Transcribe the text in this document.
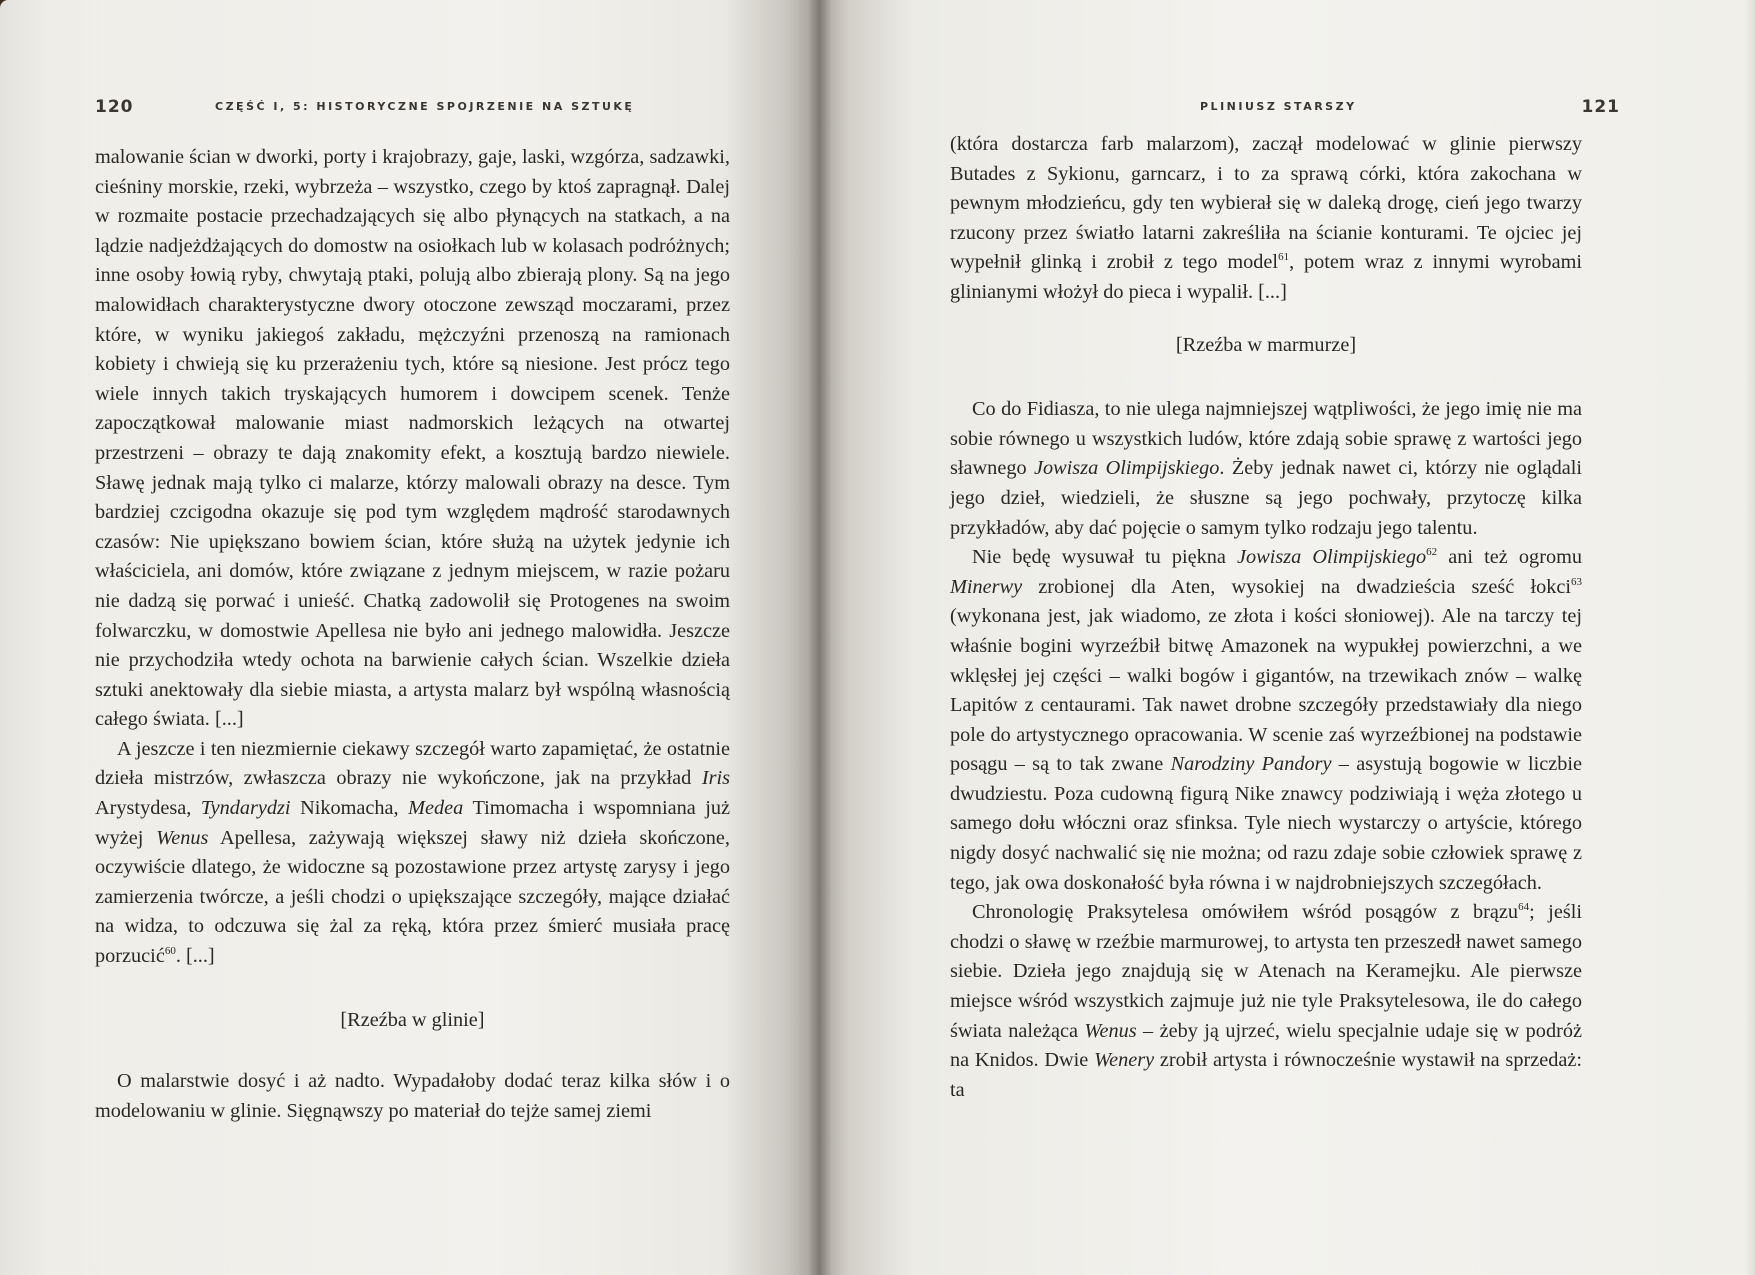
120	CZĘŚĆ I, 5: HISTORYCZNE SPOJRZENIE NA SZTUKĘ

malowanie ścian w dworki, porty i krajobrazy, gaje, laski, wzgórza, sadzawki, cieśniny morskie, rzeki, wybrzeża – wszystko, czego by ktoś zapragnął. Dalej w rozmaite postacie przechadzających się albo płynących na statkach, a na lądzie nadjeżdżających do domostw na osiołkach lub w kolasach podróżnych; inne osoby łowią ryby, chwytają ptaki, polują albo zbierają plony. Są na jego malowidłach charakterystyczne dwory otoczone zewsząd moczarami, przez które, w wyniku jakiegoś zakładu, mężczyźni przenoszą na ramionach kobiety i chwieją się ku przerażeniu tych, które są niesione. Jest prócz tego wiele innych takich tryskających humorem i dowcipem scenek. Tenże zapoczątkował malowanie miast nadmorskich leżących na otwartej przestrzeni – obrazy te dają znakomity efekt, a kosztują bardzo niewiele. Sławę jednak mają tylko ci malarze, którzy malowali obrazy na desce. Tym bardziej czcigodna okazuje się pod tym względem mądrość starodawnych czasów: Nie upiększano bowiem ścian, które służą na użytek jedynie ich właściciela, ani domów, które związane z jednym miejscem, w razie pożaru nie dadzą się porwać i unieść. Chatką zadowolił się Protogenes na swoim folwarczku, w domostwie Apellesa nie było ani jednego malowidła. Jeszcze nie przychodziła wtedy ochota na barwienie całych ścian. Wszelkie dzieła sztuki anektowały dla siebie miasta, a artysta malarz był wspólną własnością całego świata. [...]

A jeszcze i ten niezmiernie ciekawy szczegół warto zapamiętać, że ostatnie dzieła mistrzów, zwłaszcza obrazy nie wykończone, jak na przykład Iris Arystydesa, Tyndarydzi Nikomacha, Medea Timomacha i wspomniana już wyżej Wenus Apellesa, zażywają większej sławy niż dzieła skończone, oczywiście dlatego, że widoczne są pozostawione przez artystę zarysy i jego zamierzenia twórcze, a jeśli chodzi o upiększające szczegóły, mające działać na widza, to odczuwa się żal za ręką, która przez śmierć musiała pracę porzucić$^{60}$. [...]

[Rzeźba w glinie]

O malarstwie dosyć i aż nadto. Wypadałoby dodać teraz kilka słów i o modelowaniu w glinie. Sięgnąwszy po materiał do tejże samej ziemi

PLINIUSZ STARSZY	121

(która dostarcza farb malarzom), zaczął modelować w glinie pierwszy Butades z Sykionu, garncarz, i to za sprawą córki, która zakochana w pewnym młodzieńcu, gdy ten wybierał się w daleką drogę, cień jego twarzy rzucony przez światło latarni zakreśliła na ścianie konturami. Te ojciec jej wypełnił glinką i zrobił z tego model$^{61}$, potem wraz z innymi wyrobami glinianymi włożył do pieca i wypalił. [...]

[Rzeźba w marmurze]

Co do Fidiasza, to nie ulega najmniejszej wątpliwości, że jego imię nie ma sobie równego u wszystkich ludów, które zdają sobie sprawę z wartości jego sławnego Jowisza Olimpijskiego. Żeby jednak nawet ci, którzy nie oglądali jego dzieł, wiedzieli, że słuszne są jego pochwały, przytoczę kilka przykładów, aby dać pojęcie o samym tylko rodzaju jego talentu.

Nie będę wysuwał tu piękna Jowisza Olimpijskiego$^{62}$ ani też ogromu Minerwy zrobionej dla Aten, wysokiej na dwadzieścia sześć łokci$^{63}$ (wykonana jest, jak wiadomo, ze złota i kości słoniowej). Ale na tarczy tej właśnie bogini wyrzeźbił bitwę Amazonek na wypukłej powierzchni, a we wklęsłej jej części – walki bogów i gigantów, na trzewikach znów – walkę Lapitów z centaurami. Tak nawet drobne szczegóły przedstawiały dla niego pole do artystycznego opracowania. W scenie zaś wyrzeźbionej na podstawie posągu – są to tak zwane Narodziny Pandory – asystują bogowie w liczbie dwudziestu. Poza cudowną figurą Nike znawcy podziwiają i węża złotego u samego dołu włóczni oraz sfinksa. Tyle niech wystarczy o artyście, którego nigdy dosyć nachwalić się nie można; od razu zdaje sobie człowiek sprawę z tego, jak owa doskonałość była równa i w najdrobniejszych szczegółach.

Chronologię Praksytelesa omówiłem wśród posągów z brązu$^{64}$; jeśli chodzi o sławę w rzeźbie marmurowej, to artysta ten przeszedł nawet samego siebie. Dzieła jego znajdują się w Atenach na Keramejku. Ale pierwsze miejsce wśród wszystkich zajmuje już nie tyle Praksytelesowa, ile do całego świata należąca Wenus – żeby ją ujrzeć, wielu specjalnie udaje się w podróż na Knidos. Dwie Wenery zrobił artysta i równocześnie wystawił na sprzedaż: ta
